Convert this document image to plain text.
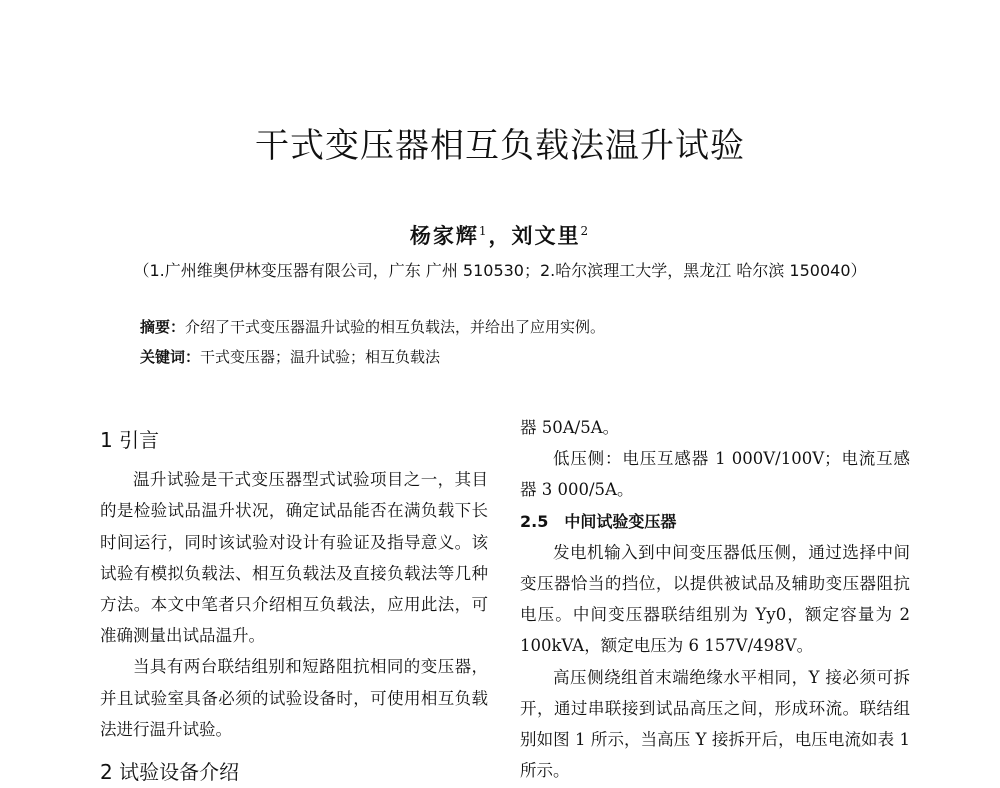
干式变压器相互负载法温升试验
杨家辉$^1$，刘文里$^2$
（1.广州维奥伊林变压器有限公司，广东 广州 510530；2.哈尔滨理工大学，黑龙江 哈尔滨 150040）
摘要：介绍了干式变压器温升试验的相互负载法，并给出了应用实例。
关键词：干式变压器；温升试验；相互负载法

1 引言

温升试验是干式变压器型式试验项目之一，其目的是检验试品温升状况，确定试品能否在满负载下长时间运行，同时该试验对设计有验证及指导意义。该试验有模拟负载法、相互负载法及直接负载法等几种方法。本文中笔者只介绍相互负载法，应用此法，可准确测量出试品温升。

当具有两台联结组别和短路阻抗相同的变压器，并且试验室具备必须的试验设备时，可使用相互负载法进行温升试验。

2 试验设备介绍

器 50A/5A。

低压侧：电压互感器 1 000V/100V；电流互感器 3 000/5A。

2.5　中间试验变压器

发电机输入到中间变压器低压侧，通过选择中间变压器恰当的挡位，以提供被试品及辅助变压器阻抗电压。中间变压器联结组别为 Yy0，额定容量为 2 100kVA，额定电压为 6 157V/498V。

高压侧绕组首末端绝缘水平相同，Y 接必须可拆开，通过串联接到试品高压之间，形成环流。联结组别如图 1 所示，当高压 Y 接拆开后，电压电流如表 1 所示。
